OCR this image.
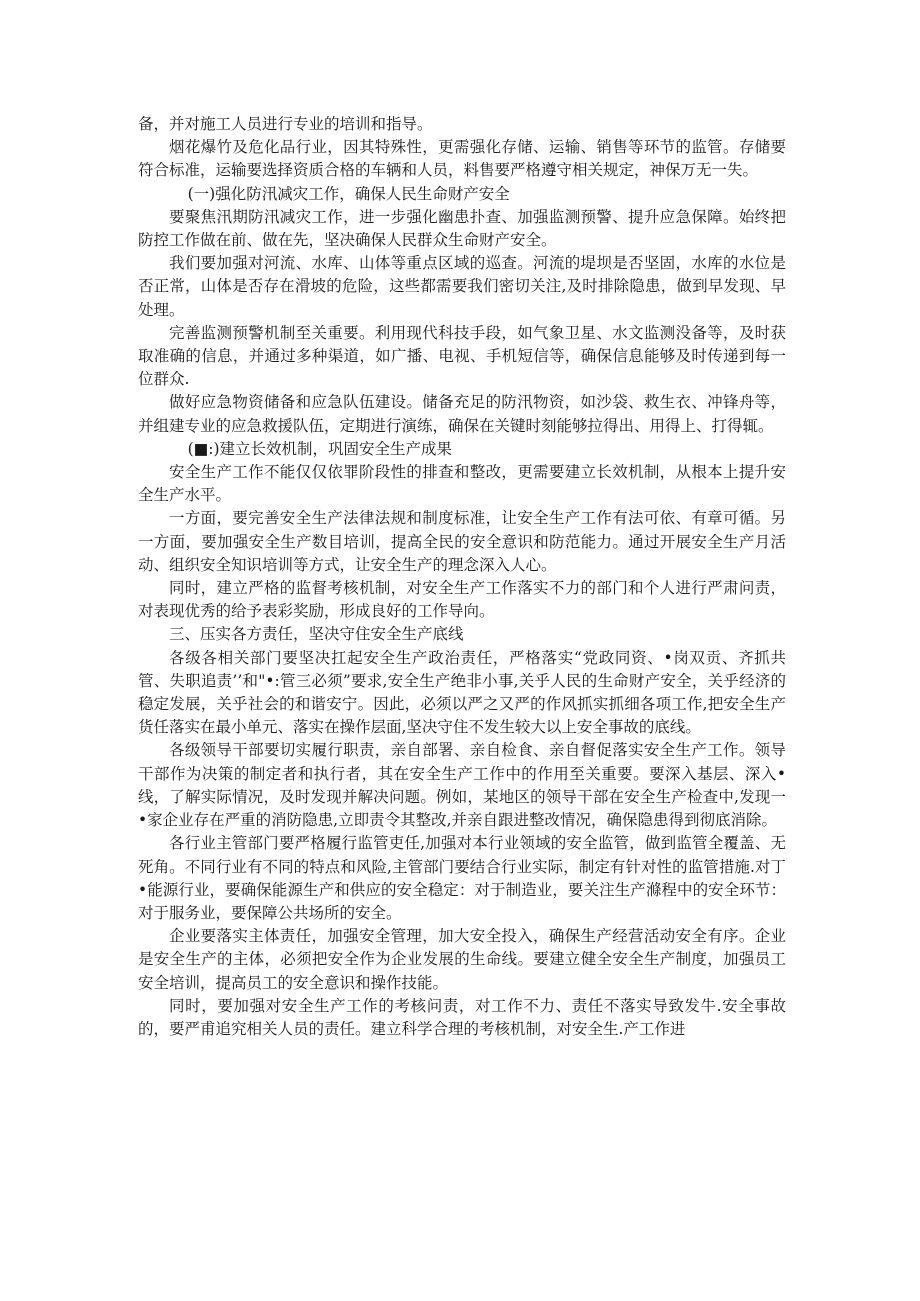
备，并对施工人员进行专业的培训和指导。

烟花爆竹及危化品行业，因其特殊性，更需强化存储、运输、销售等环节的监管。存储要符合标准，运输要选择资质合格的车辆和人员，料售要严格遵守相关规定，神保万无一失。

(一)强化防汛减灾工作，确保人民生命财产安全

要聚焦汛期防汛减灾工作，进一步强化幽患扑查、加强监测预警、提升应急保障。始终把防控工作做在前、做在先，坚决确保人民群众生命财产安全。

我们要加强对河流、水库、山体等重点区域的巡查。河流的堤坝是否坚固，水库的水位是否正常，山体是否存在滑坡的危险，这些都需要我们密切关注,及时排除隐患，做到早发现、早处理。

完善监测预警机制至关重要。利用现代科技手段，如气象卫星、水文监测没备等，及时获取准确的信息，并通过多种渠道，如广播、电视、手机短信等，确保信息能够及时传递到每一位群众.

做好应急物资储备和应急队伍建设。储备充足的防汛物资，如沙袋、救生衣、冲锋舟等，并组建专业的应急救援队伍，定期进行演练，确保在关键时刻能够拉得出、用得上、打得辄。

(■:)建立长效机制，巩固安全生产成果

安全生产工作不能仅仅依罪阶段性的排查和整改，更需要建立长效机制，从根本上提升安全生产水平。

一方面，要完善安全生产法律法规和制度标准，让安全生产工作有法可依、有章可循。另一方面，要加强安全生产数目培训，提高全民的安全意识和防范能力。通过开展安全生产月活动、组织安全知识培训等方式，让安全生产的理念深入人心。

同时，建立严格的监督考核机制，对安全生产工作落实不力的部门和个人进行严肃问责，对表现优秀的给予表彩奖励，形成良好的工作导向。

三、压实各方责任，坚决守住安全生产底线

各级各相关部门要坚决扛起安全生产政治责任，严格落实“党政同资、•岗双贡、齐抓共管、失职追责’’和"•:管三必须”要求,安全生产绝非小事,关乎人民的生命财产安全，关乎经济的稳定发展，关乎社会的和谐安宁。因此，必须以严之又严的作风抓实抓细各项工作,把安全生产货任落实在最小单元、落实在操作层面,坚决守住不发生较大以上安全事故的底线。

各级领导干部要切实履行职责，亲自部署、亲自检食、亲自督促落实安全生产工作。领导干部作为决策的制定者和执行者，其在安全生产工作中的作用至关重要。要深入基层、深入•线，了解实际情况，及时发现并解决问题。例如，某地区的领导干部在安全生产检查中,发现一•家企业存在严重的消防隐患,立即责令其整改,并亲自跟进整改情况，确保隐患得到彻底消除。

各行业主管部门要严格履行监管吏任,加强对本行业领域的安全监管，做到监管全覆盖、无死角。不同行业有不同的特点和风险,主管部门要结合行业实际，制定有针对性的监管措施.对丁•能源行业，要确保能源生产和供应的安全稳定：对于制造业，要关注生产滌程中的安全环节：对于服务业，要保障公共场所的安全。

企业要落实主体责任，加强安全管理，加大安全投入，确保生产经营活动安全有序。企业是安全生产的主体，必须把安全作为企业发展的生命线。要建立健全安全生产制度，加强员工安全培训，提高员工的安全意识和操作技能。

同时，要加强对安全生产工作的考核问责，对工作不力、责任不落实导致发牛.安全事故的，要严甫追究相关人员的责任。建立科学合理的考核机制，对安全生.产工作进
